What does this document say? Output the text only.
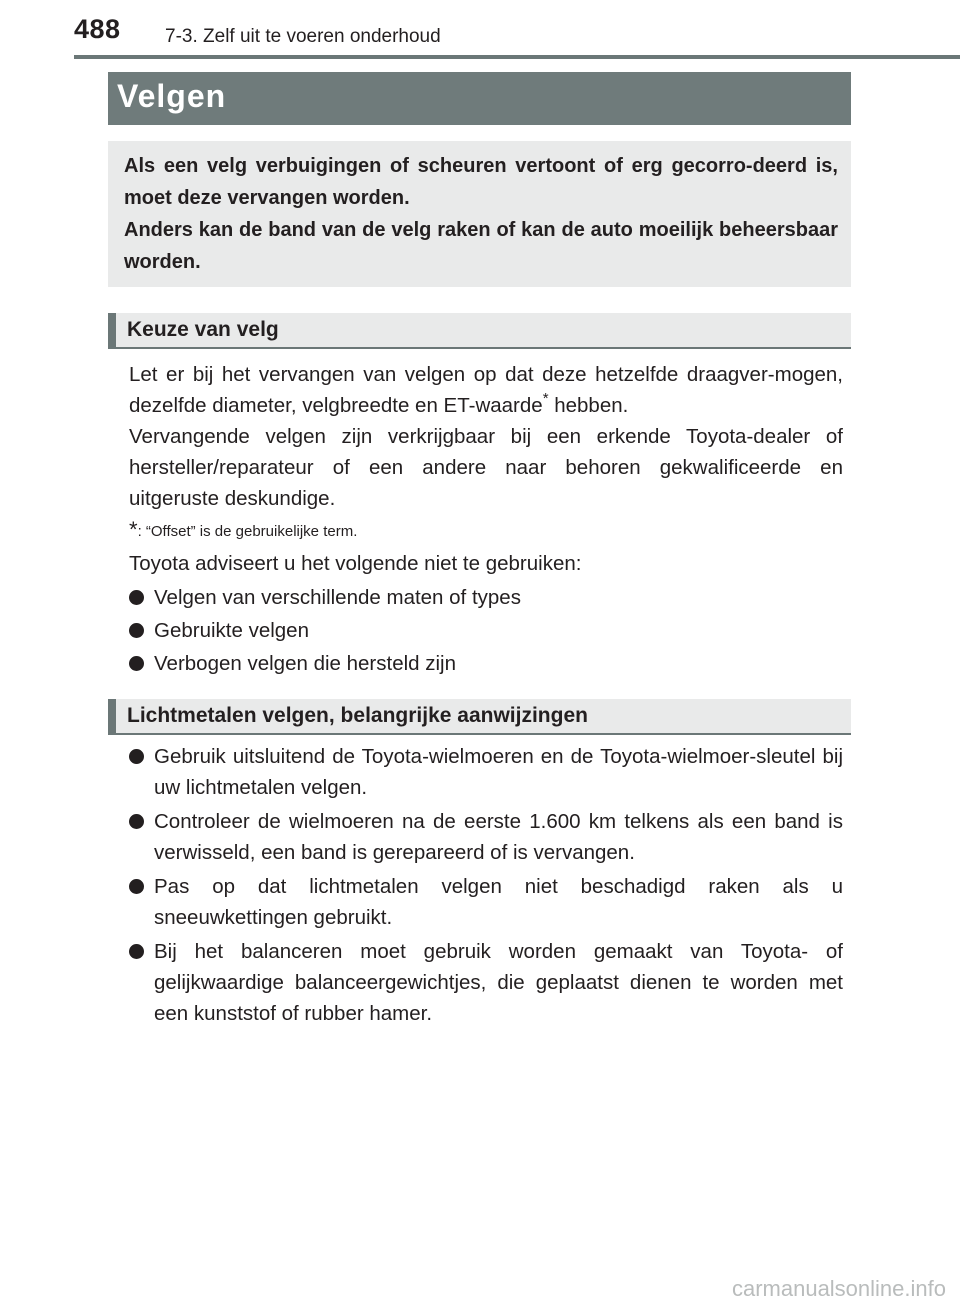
488 7-3. Zelf uit te voeren onderhoud
Velgen

Als een velg verbuigingen of scheuren vertoont of erg gecorro-deerd is, moet deze vervangen worden.

Anders kan de band van de velg raken of kan de auto moeilijk beheersbaar worden.

Keuze van velg

Let er bij het vervangen van velgen op dat deze hetzelfde draagver-mogen, dezelfde diameter, velgbreedte en ET-waarde* hebben.

Vervangende velgen zijn verkrijgbaar bij een erkende Toyota-dealer of hersteller/reparateur of een andere naar behoren gekwalificeerde en uitgeruste deskundige.

*: “Offset” is de gebruikelijke term.

Toyota adviseert u het volgende niet te gebruiken:

Velgen van verschillende maten of types
Gebruikte velgen
Verbogen velgen die hersteld zijn
Lichtmetalen velgen, belangrijke aanwijzingen
Gebruik uitsluitend de Toyota-wielmoeren en de Toyota-wielmoer-sleutel bij uw lichtmetalen velgen.
Controleer de wielmoeren na de eerste 1.600 km telkens als een band is verwisseld, een band is gerepareerd of is vervangen.
Pas op dat lichtmetalen velgen niet beschadigd raken als u sneeuwkettingen gebruikt.
Bij het balanceren moet gebruik worden gemaakt van Toyota- of gelijkwaardige balanceergewichtjes, die geplaatst dienen te worden met een kunststof of rubber hamer.
carmanualsonline.info
